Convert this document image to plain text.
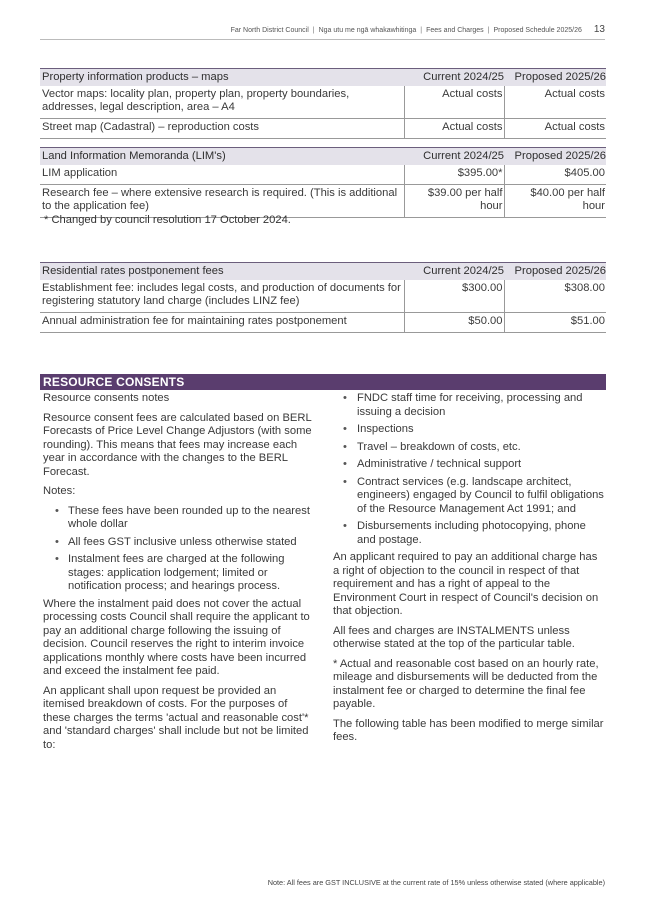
Far North District Council | Nga utu me ngā whakawhitinga | Fees and Charges | Proposed Schedule 2025/26 13
Property information products – maps	Current 2024/25	Proposed 2025/26
Vector maps: locality plan, property plan, property boundaries, addresses, legal description, area – A4	Actual costs	Actual costs
Street map (Cadastral) – reproduction costs	Actual costs	Actual costs
Land Information Memoranda (LIM's)	Current 2024/25	Proposed 2025/26
LIM application	$395.00*	$405.00
Research fee – where extensive research is required. (This is additional to the application fee)	$39.00 per half hour	$40.00 per half hour
* Changed by council resolution 17 October 2024.
Residential rates postponement fees	Current 2024/25	Proposed 2025/26
Establishment fee: includes legal costs, and production of documents for registering statutory land charge (includes LINZ fee)	$300.00	$308.00
Annual administration fee for maintaining rates postponement	$50.00	$51.00
RESOURCE CONSENTS

Resource consents notes

Resource consent fees are calculated based on BERL Forecasts of Price Level Change Adjustors (with some rounding). This means that fees may increase each year in accordance with the changes to the BERL Forecast.

Notes:

• These fees have been rounded up to the nearest whole dollar
• All fees GST inclusive unless otherwise stated
• Instalment fees are charged at the following stages: application lodgement; limited or notification process; and hearings process.

Where the instalment paid does not cover the actual processing costs Council shall require the applicant to pay an additional charge following the issuing of decision. Council reserves the right to interim invoice applications monthly where costs have been incurred and exceed the instalment fee paid.

An applicant shall upon request be provided an itemised breakdown of costs. For the purposes of these charges the terms 'actual and reasonable cost'* and 'standard charges' shall include but not be limited to:

• FNDC staff time for receiving, processing and issuing a decision
• Inspections
• Travel – breakdown of costs, etc.
• Administrative / technical support
• Contract services (e.g. landscape architect, engineers) engaged by Council to fulfil obligations of the Resource Management Act 1991; and
• Disbursements including photocopying, phone and postage.

An applicant required to pay an additional charge has a right of objection to the council in respect of that requirement and has a right of appeal to the Environment Court in respect of Council's decision on that objection.

All fees and charges are INSTALMENTS unless otherwise stated at the top of the particular table.

* Actual and reasonable cost based on an hourly rate, mileage and disbursements will be deducted from the instalment fee or charged to determine the final fee payable.

The following table has been modified to merge similar fees.

Note: All fees are GST INCLUSIVE at the current rate of 15% unless otherwise stated (where applicable)
